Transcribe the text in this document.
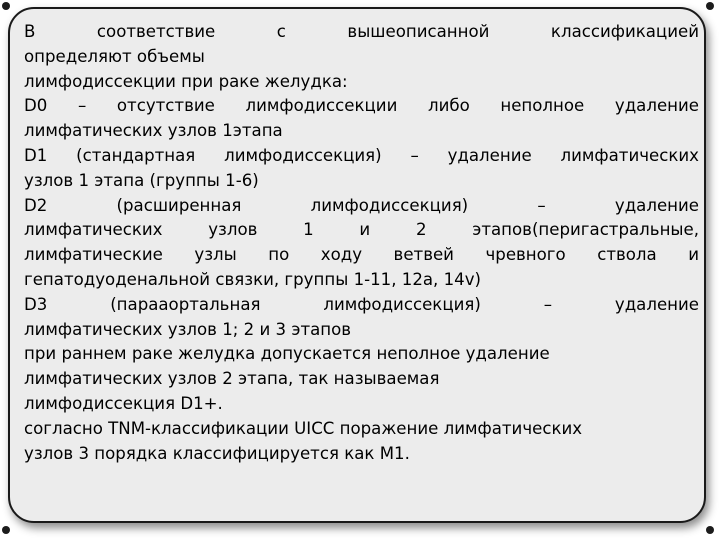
В соответствие с вышеописанной классификацией

определяют объемы

лимфодиссекции при раке желудка:

D0 – отсутствие лимфодиссекции либо неполное удаление

лимфатических узлов 1этапа

D1 (стандартная лимфодиссекция) – удаление лимфатических

узлов 1 этапа (группы 1-6)

D2 (расширенная лимфодиссекция) – удаление

лимфатических узлов 1 и 2 этапов(перигастральные,

лимфатические узлы по ходу ветвей чревного ствола и

гепатодуоденальной связки, группы 1-11, 12a, 14v)

D3 (парааортальная лимфодиссекция) – удаление

лимфатических узлов 1; 2 и 3 этапов

при раннем раке желудка допускается неполное удаление

лимфатических узлов 2 этапа, так называемая

лимфодиссекция D1+.

согласно TNM-классификации UICC поражение лимфатических

узлов 3 порядка классифицируется как М1.
